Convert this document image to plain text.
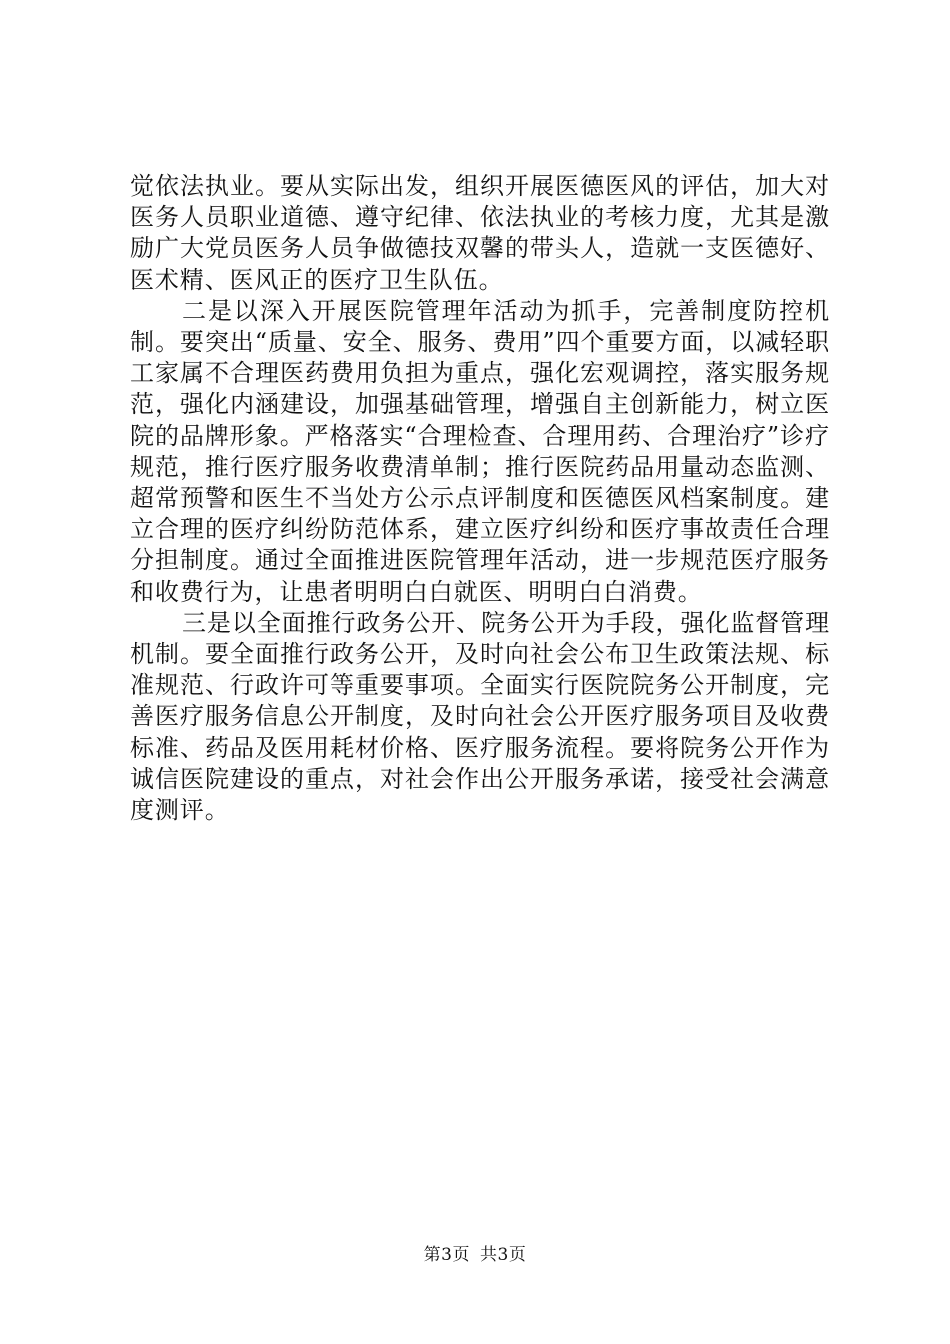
觉依法执业。要从实际出发，组织开展医德医风的评估，加大对医务人员职业道德、遵守纪律、依法执业的考核力度，尤其是激励广大党员医务人员争做德技双馨的带头人，造就一支医德好、医术精、医风正的医疗卫生队伍。

二是以深入开展医院管理年活动为抓手，完善制度防控机制。要突出“质量、安全、服务、费用”四个重要方面，以减轻职工家属不合理医药费用负担为重点，强化宏观调控，落实服务规范，强化内涵建设，加强基础管理，增强自主创新能力，树立医院的品牌形象。严格落实“合理检查、合理用药、合理治疗”诊疗规范，推行医疗服务收费清单制；推行医院药品用量动态监测、超常预警和医生不当处方公示点评制度和医德医风档案制度。建立合理的医疗纠纷防范体系，建立医疗纠纷和医疗事故责任合理分担制度。通过全面推进医院管理年活动，进一步规范医疗服务和收费行为，让患者明明白白就医、明明白白消费。

三是以全面推行政务公开、院务公开为手段，强化监督管理机制。要全面推行政务公开，及时向社会公布卫生政策法规、标准规范、行政许可等重要事项。全面实行医院院务公开制度，完善医疗服务信息公开制度，及时向社会公开医疗服务项目及收费标准、药品及医用耗材价格、医疗服务流程。要将院务公开作为诚信医院建设的重点，对社会作出公开服务承诺，接受社会满意度测评。

第3页 共3页
